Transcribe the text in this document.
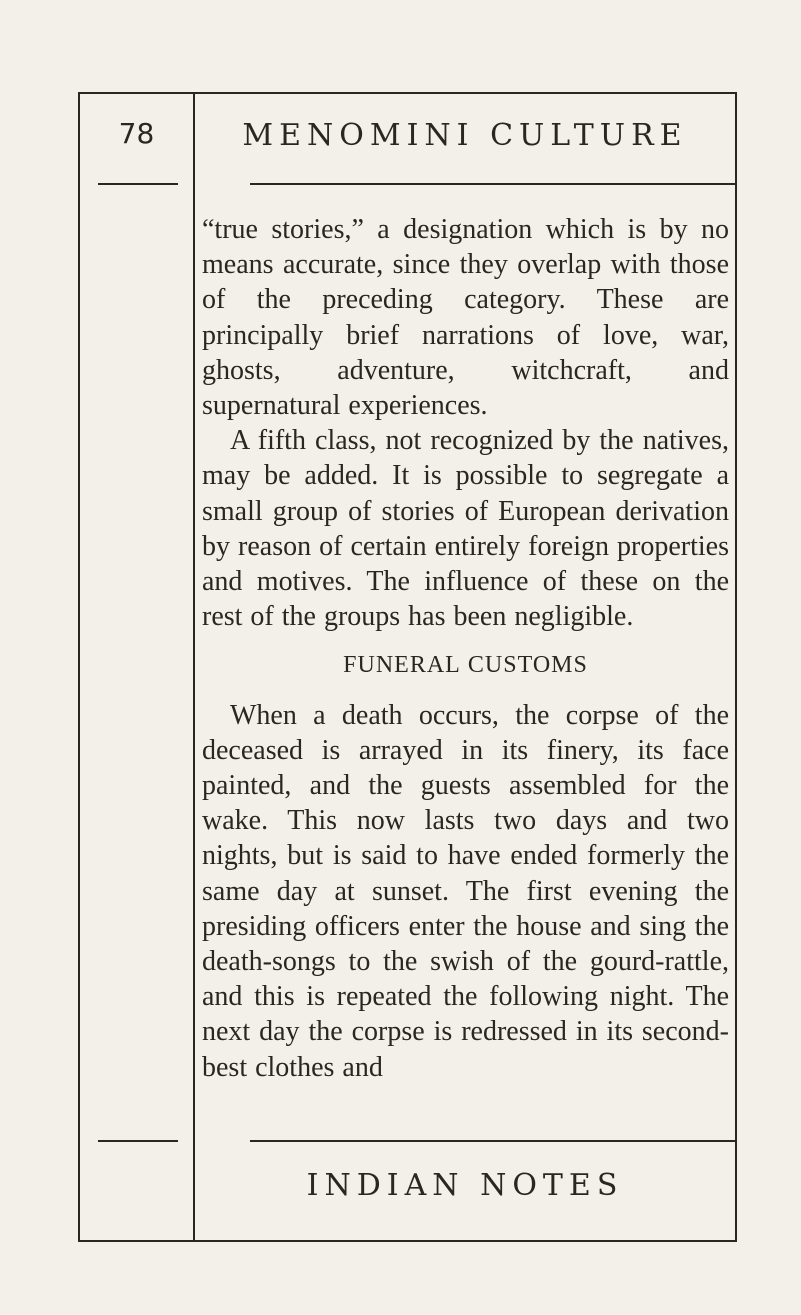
78	MENOMINI CULTURE

“true stories,” a designation which is by no means accurate, since they overlap with those of the preceding category. These are principally brief narrations of love, war, ghosts, adventure, witchcraft, and supernatural experiences.

A fifth class, not recognized by the natives, may be added. It is possible to segregate a small group of stories of European derivation by reason of certain entirely foreign properties and motives. The influence of these on the rest of the groups has been negligible.

FUNERAL CUSTOMS

When a death occurs, the corpse of the deceased is arrayed in its finery, its face painted, and the guests assembled for the wake. This now lasts two days and two nights, but is said to have ended formerly the same day at sunset. The first evening the presiding officers enter the house and sing the death-songs to the swish of the gourd-rattle, and this is repeated the following night. The next day the corpse is redressed in its second-best clothes and

INDIAN NOTES
